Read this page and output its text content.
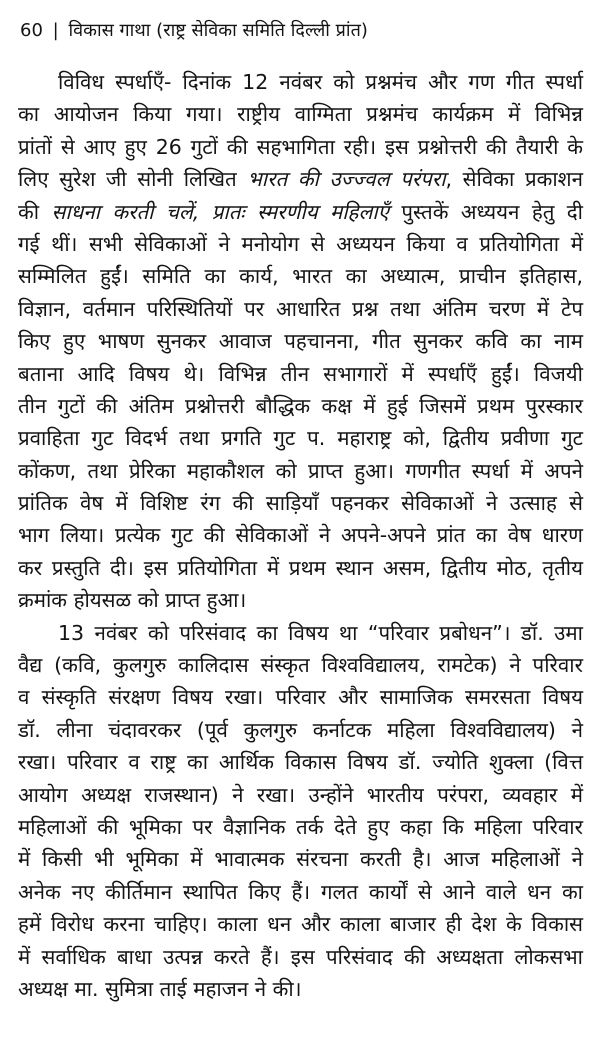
60 | विकास गाथा (राष्ट्र सेविका समिति दिल्ली प्रांत)
विविध स्पर्धाएँ- दिनांक 12 नवंबर को प्रश्नमंच और गण गीत स्पर्धा
का आयोजन किया गया। राष्ट्रीय वाग्मिता प्रश्नमंच कार्यक्रम में विभिन्न
प्रांतों से आए हुए 26 गुटों की सहभागिता रही। इस प्रश्नोत्तरी की तैयारी के
लिए सुरेश जी सोनी लिखित भारत की उज्ज्वल परंपरा, सेविका प्रकाशन
की साधना करती चलें, प्रातः स्मरणीय महिलाएँ पुस्तकें अध्ययन हेतु दी
गई थीं। सभी सेविकाओं ने मनोयोग से अध्ययन किया व प्रतियोगिता में
सम्मिलित हुईं। समिति का कार्य, भारत का अध्यात्म, प्राचीन इतिहास,
विज्ञान, वर्तमान परिस्थितियों पर आधारित प्रश्न तथा अंतिम चरण में टेप
किए हुए भाषण सुनकर आवाज पहचानना, गीत सुनकर कवि का नाम
बताना आदि विषय थे। विभिन्न तीन सभागारों में स्पर्धाएँ हुईं। विजयी
तीन गुटों की अंतिम प्रश्नोत्तरी बौद्धिक कक्ष में हुई जिसमें प्रथम पुरस्कार
प्रवाहिता गुट विदर्भ तथा प्रगति गुट प. महाराष्ट्र को, द्वितीय प्रवीणा गुट
कोंकण, तथा प्रेरिका महाकौशल को प्राप्त हुआ। गणगीत स्पर्धा में अपने
प्रांतिक वेष में विशिष्ट रंग की साड़ियाँ पहनकर सेविकाओं ने उत्साह से
भाग लिया। प्रत्येक गुट की सेविकाओं ने अपने-अपने प्रांत का वेष धारण
कर प्रस्तुति दी। इस प्रतियोगिता में प्रथम स्थान असम, द्वितीय मोठ, तृतीय
क्रमांक होयसळ को प्राप्त हुआ।
13 नवंबर को परिसंवाद का विषय था “परिवार प्रबोधन”। डॉ. उमा
वैद्य (कवि, कुलगुरु कालिदास संस्कृत विश्वविद्यालय, रामटेक) ने परिवार
व संस्कृति संरक्षण विषय रखा। परिवार और सामाजिक समरसता विषय
डॉ. लीना चंदावरकर (पूर्व कुलगुरु कर्नाटक महिला विश्वविद्यालय) ने
रखा। परिवार व राष्ट्र का आर्थिक विकास विषय डॉ. ज्योति शुक्ला (वित्त
आयोग अध्यक्ष राजस्थान) ने रखा। उन्होंने भारतीय परंपरा, व्यवहार में
महिलाओं की भूमिका पर वैज्ञानिक तर्क देते हुए कहा कि महिला परिवार
में किसी भी भूमिका में भावात्मक संरचना करती है। आज महिलाओं ने
अनेक नए कीर्तिमान स्थापित किए हैं। गलत कार्यों से आने वाले धन का
हमें विरोध करना चाहिए। काला धन और काला बाजार ही देश के विकास
में सर्वाधिक बाधा उत्पन्न करते हैं। इस परिसंवाद की अध्यक्षता लोकसभा
अध्यक्ष मा. सुमित्रा ताई महाजन ने की।
